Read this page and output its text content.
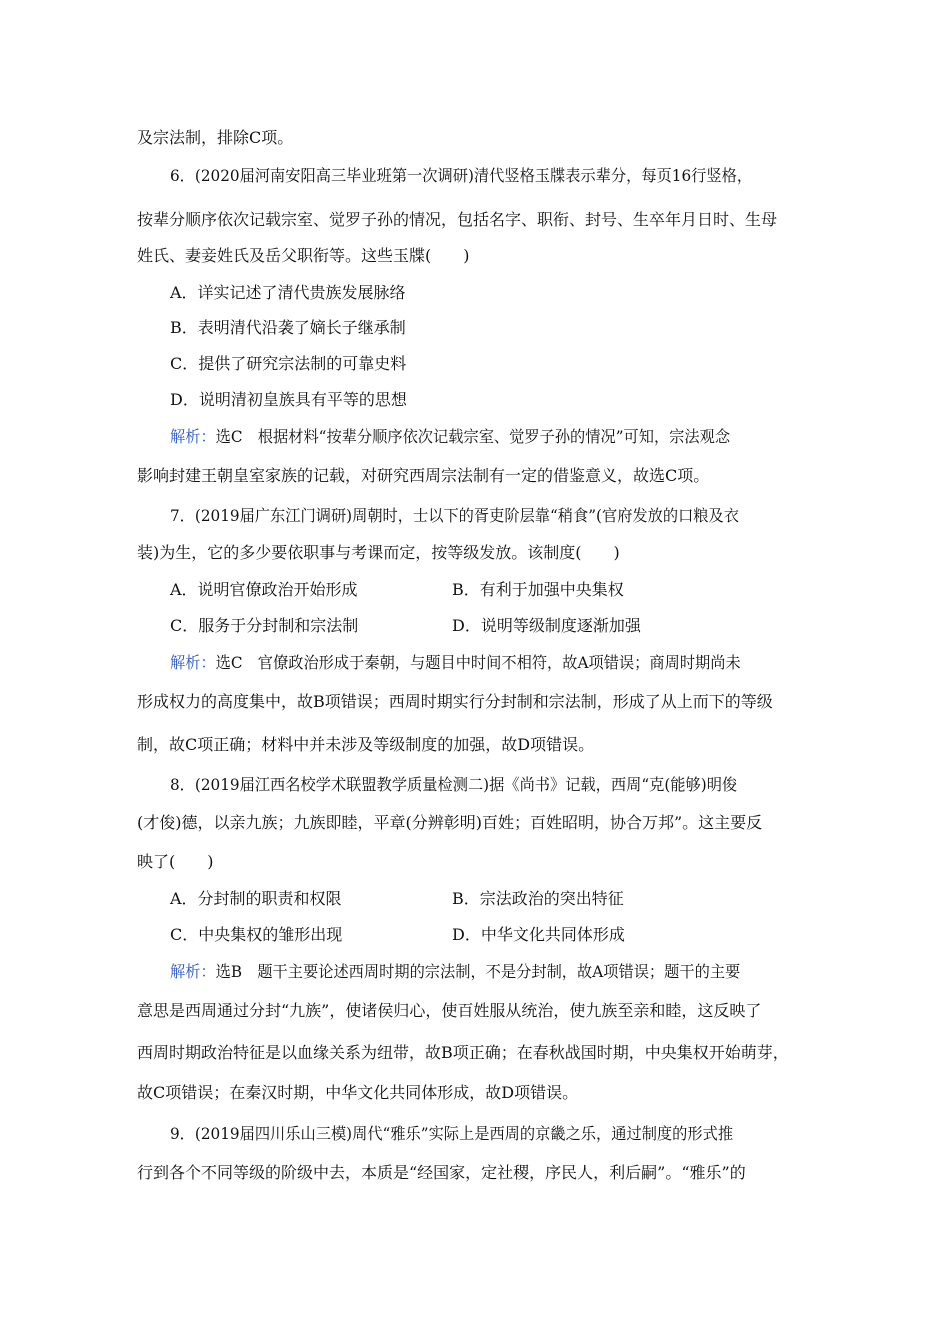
及宗法制，排除C项。
6．(2020届河南安阳高三毕业班第一次调研)清代竖格玉牒表示辈分，每页16行竖格，
按辈分顺序依次记载宗室、觉罗子孙的情况，包括名字、职衔、封号、生卒年月日时、生母
姓氏、妻妾姓氏及岳父职衔等。这些玉牒(　　)
A．详实记述了清代贵族发展脉络
B．表明清代沿袭了嫡长子继承制
C．提供了研究宗法制的可靠史料
D．说明清初皇族具有平等的思想
解析：选C　根据材料“按辈分顺序依次记载宗室、觉罗子孙的情况”可知，宗法观念
影响封建王朝皇室家族的记载，对研究西周宗法制有一定的借鉴意义，故选C项。
7．(2019届广东江门调研)周朝时，士以下的胥吏阶层靠“稍食”(官府发放的口粮及衣
装)为生，它的多少要依职事与考课而定，按等级发放。该制度(　　)
A．说明官僚政治开始形成	B．有利于加强中央集权
C．服务于分封制和宗法制	D．说明等级制度逐渐加强
解析：选C　官僚政治形成于秦朝，与题目中时间不相符，故A项错误；商周时期尚未
形成权力的高度集中，故B项错误；西周时期实行分封制和宗法制，形成了从上而下的等级
制，故C项正确；材料中并未涉及等级制度的加强，故D项错误。
8．(2019届江西名校学术联盟教学质量检测二)据《尚书》记载，西周“克(能够)明俊
(才俊)德，以亲九族；九族即睦，平章(分辨彰明)百姓；百姓昭明，协合万邦”。这主要反
映了(　　)
A．分封制的职责和权限	B．宗法政治的突出特征
C．中央集权的雏形出现	D．中华文化共同体形成
解析：选B　题干主要论述西周时期的宗法制，不是分封制，故A项错误；题干的主要
意思是西周通过分封“九族”，使诸侯归心，使百姓服从统治，使九族至亲和睦，这反映了
西周时期政治特征是以血缘关系为纽带，故B项正确；在春秋战国时期，中央集权开始萌芽，
故C项错误；在秦汉时期，中华文化共同体形成，故D项错误。
9．(2019届四川乐山三模)周代“雅乐”实际上是西周的京畿之乐，通过制度的形式推
行到各个不同等级的阶级中去，本质是“经国家，定社稷，序民人，利后嗣”。“雅乐”的
